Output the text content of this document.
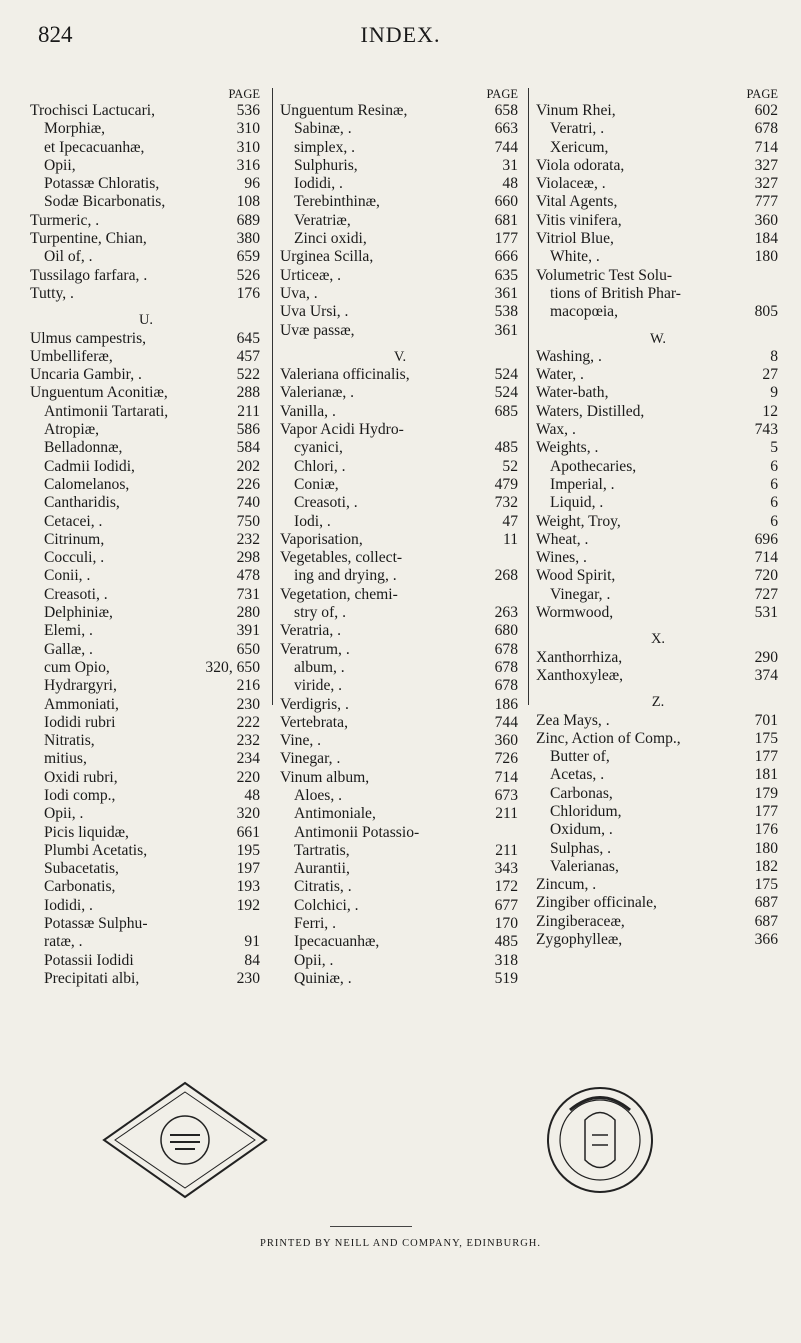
824	INDEX.
PAGE
Trochisci Lactucari,	536
Morphiæ,	310
et Ipecacuanhæ,	310
Opii,	316
Potassæ Chloratis,	96
Sodæ Bicarbonatis,	108
Turmeric, .	689
Turpentine, Chian,	380
Oil of, .	659
Tussilago farfara, .	526
Tutty, .	176
U.
Ulmus campestris,	645
Umbelliferæ,	457
Uncaria Gambir, .	522
Unguentum Aconitiæ,	288
Antimonii Tartarati,	211
Atropiæ,	586
Belladonnæ,	584
Cadmii Iodidi,	202
Calomelanos,	226
Cantharidis,	740
Cetacei, .	750
Citrinum,	232
Cocculi, .	298
Conii, .	478
Creasoti, .	731
Delphiniæ,	280
Elemi, .	391
Gallæ, .	650
cum Opio,	320, 650
Hydrargyri,	216
Ammoniati,	230
Iodidi rubri	222
Nitratis,	232
mitius,	234
Oxidi rubri,	220
Iodi comp.,	48
Opii, .	320
Picis liquidæ,	661
Plumbi Acetatis,	195
Subacetatis,	197
Carbonatis,	193
Iodidi, .	192
Potassæ Sulphu-
ratæ, .	91
Potassii Iodidi	84
Precipitati albi,	230
PAGE
Unguentum Resinæ,	658
Sabinæ, .	663
simplex, .	744
Sulphuris,	31
Iodidi, .	48
Terebinthinæ,	660
Veratriæ,	681
Zinci oxidi,	177
Urginea Scilla,	666
Urticeæ, .	635
Uva, .	361
Uva Ursi, .	538
Uvæ passæ,	361
V.
Valeriana officinalis,	524
Valerianæ, .	524
Vanilla, .	685
Vapor Acidi Hydro-
cyanici,	485
Chlori, .	52
Coniæ,	479
Creasoti, .	732
Iodi, .	47
Vaporisation,	11
Vegetables, collect-
ing and drying, .	268
Vegetation, chemi-
stry of, .	263
Veratria, .	680
Veratrum, .	678
album, .	678
viride, .	678
Verdigris, .	186
Vertebrata,	744
Vine, .	360
Vinegar, .	726
Vinum album,	714
Aloes, .	673
Antimoniale,	211
Antimonii Potassio-
Tartratis,	211
Aurantii,	343
Citratis, .	172
Colchici, .	677
Ferri, .	170
Ipecacuanhæ,	485
Opii, .	318
Quiniæ, .	519
PAGE
Vinum Rhei,	602
Veratri, .	678
Xericum,	714
Viola odorata,	327
Violaceæ, .	327
Vital Agents,	777
Vitis vinifera,	360
Vitriol Blue,	184
White, .	180
Volumetric Test Solu-
tions of British Phar-
macopœia,	805
W.
Washing, .	8
Water, .	27
Water-bath,	9
Waters, Distilled,	12
Wax, .	743
Weights, .	5
Apothecaries,	6
Imperial, .	6
Liquid, .	6
Weight, Troy,	6
Wheat, .	696
Wines, .	714
Wood Spirit,	720
Vinegar, .	727
Wormwood,	531
X.
Xanthorrhiza,	290
Xanthoxyleæ,	374
Z.
Zea Mays, .	701
Zinc, Action of Comp.,	175
Butter of,	177
Acetas, .	181
Carbonas,	179
Chloridum,	177
Oxidum, .	176
Sulphas, .	180
Valerianas,	182
Zincum, .	175
Zingiber officinale,	687
Zingiberaceæ,	687
Zygophylleæ,	366
PRINTED BY NEILL AND COMPANY, EDINBURGH.
